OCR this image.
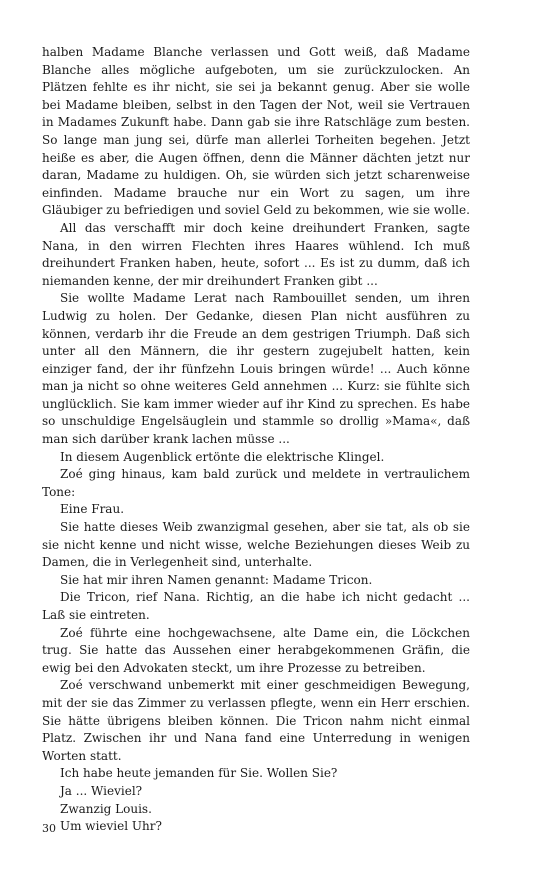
halben Madame Blanche verlassen und Gott weiß, daß Madame Blanche alles mögliche aufgeboten, um sie zurückzulocken. An Plätzen fehlte es ihr nicht, sie sei ja bekannt genug. Aber sie wolle bei Madame bleiben, selbst in den Tagen der Not, weil sie Vertrauen in Madames Zukunft habe. Dann gab sie ihre Ratschläge zum besten. So lange man jung sei, dürfe man allerlei Torheiten begehen. Jetzt heiße es aber, die Augen öffnen, denn die Männer dächten jetzt nur daran, Madame zu huldigen. Oh, sie würden sich jetzt scharenweise einfinden. Madame brauche nur ein Wort zu sagen, um ihre Gläubiger zu befriedigen und soviel Geld zu bekommen, wie sie wolle.

All das verschafft mir doch keine dreihundert Franken, sagte Nana, in den wirren Flechten ihres Haares wühlend. Ich muß dreihundert Franken haben, heute, sofort ... Es ist zu dumm, daß ich niemanden kenne, der mir dreihundert Franken gibt ...

Sie wollte Madame Lerat nach Rambouillet senden, um ihren Ludwig zu holen. Der Gedanke, diesen Plan nicht ausführen zu können, verdarb ihr die Freude an dem gestrigen Triumph. Daß sich unter all den Männern, die ihr gestern zugejubelt hatten, kein einziger fand, der ihr fünfzehn Louis bringen würde! ... Auch könne man ja nicht so ohne weiteres Geld annehmen ... Kurz: sie fühlte sich unglücklich. Sie kam immer wieder auf ihr Kind zu sprechen. Es habe so unschuldige Engelsäuglein und stammle so drollig »Mama«, daß man sich darüber krank lachen müsse ...

In diesem Augenblick ertönte die elektrische Klingel.

Zoé ging hinaus, kam bald zurück und meldete in vertraulichem Tone:

Eine Frau.

Sie hatte dieses Weib zwanzigmal gesehen, aber sie tat, als ob sie sie nicht kenne und nicht wisse, welche Beziehungen dieses Weib zu Damen, die in Verlegenheit sind, unterhalte.

Sie hat mir ihren Namen genannt: Madame Tricon.

Die Tricon, rief Nana. Richtig, an die habe ich nicht gedacht ... Laß sie eintreten.

Zoé führte eine hochgewachsene, alte Dame ein, die Löckchen trug. Sie hatte das Aussehen einer herabgekommenen Gräfin, die ewig bei den Advokaten steckt, um ihre Prozesse zu betreiben.

Zoé verschwand unbemerkt mit einer geschmeidigen Bewegung, mit der sie das Zimmer zu verlassen pflegte, wenn ein Herr erschien. Sie hätte übrigens bleiben können. Die Tricon nahm nicht einmal Platz. Zwischen ihr und Nana fand eine Unterredung in wenigen Worten statt.

Ich habe heute jemanden für Sie. Wollen Sie?

Ja ... Wieviel?

Zwanzig Louis.

Um wieviel Uhr?

30
